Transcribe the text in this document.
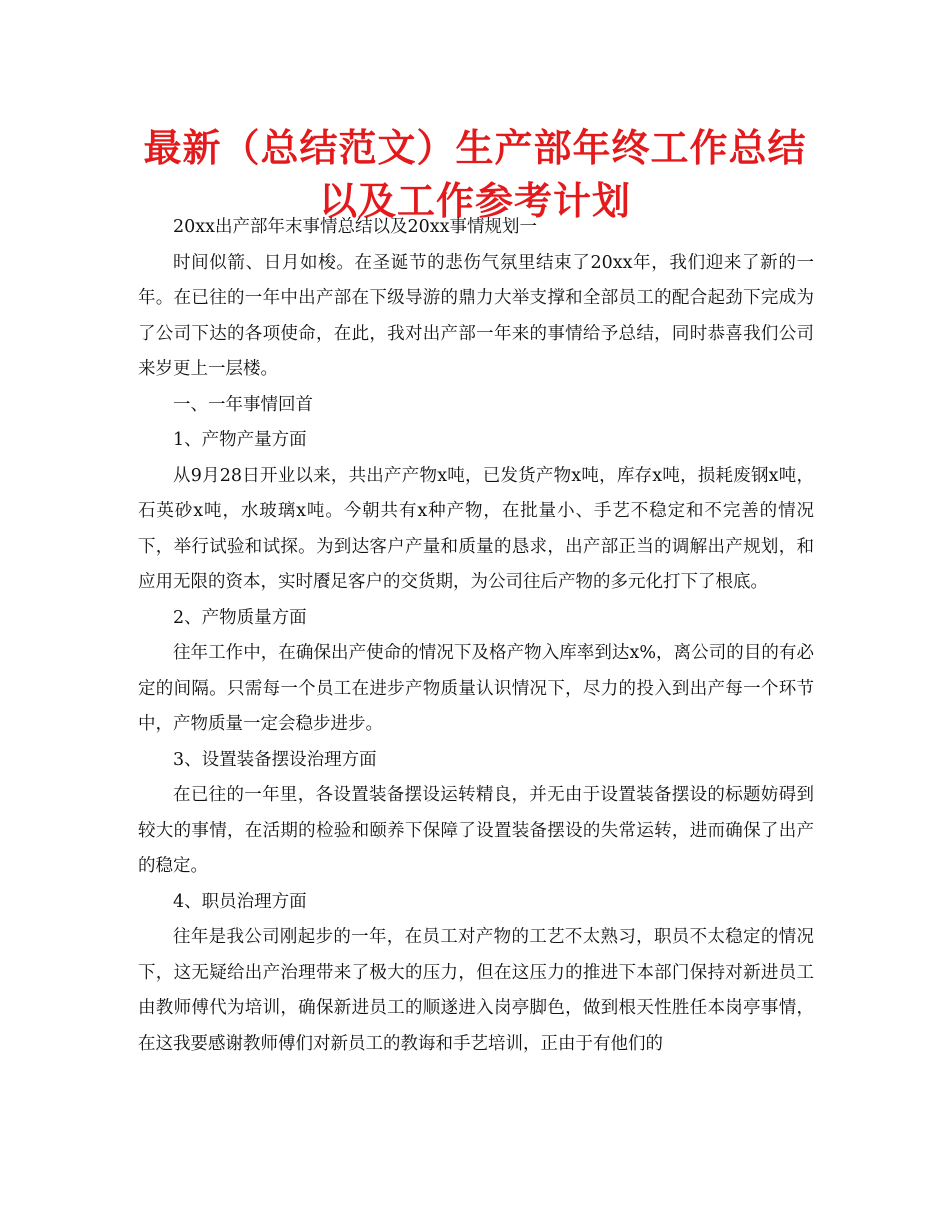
最新（总结范文）生产部年终工作总结以及工作参考计划

20xx出产部年末事情总结以及20xx事情规划一

时间似箭、日月如梭。在圣诞节的悲伤气氛里结束了20xx年，我们迎来了新的一年。在已往的一年中出产部在下级导游的鼎力大举支撑和全部员工的配合起劲下完成为了公司下达的各项使命，在此，我对出产部一年来的事情给予总结，同时恭喜我们公司来岁更上一层楼。

一、一年事情回首

1、产物产量方面

从9月28日开业以来，共出产产物x吨，已发货产物x吨，库存x吨，损耗废钢x吨，石英砂x吨，水玻璃x吨。今朝共有x种产物，在批量小、手艺不稳定和不完善的情况下，举行试验和试探。为到达客户产量和质量的恳求，出产部正当的调解出产规划，和应用无限的资本，实时餍足客户的交货期，为公司往后产物的多元化打下了根底。

2、产物质量方面

往年工作中，在确保出产使命的情况下及格产物入库率到达x%，离公司的目的有必定的间隔。只需每一个员工在进步产物质量认识情况下，尽力的投入到出产每一个环节中，产物质量一定会稳步进步。

3、设置装备摆设治理方面

在已往的一年里，各设置装备摆设运转精良，并无由于设置装备摆设的标题妨碍到较大的事情，在活期的检验和颐养下保障了设置装备摆设的失常运转，进而确保了出产的稳定。

4、职员治理方面

往年是我公司刚起步的一年，在员工对产物的工艺不太熟习，职员不太稳定的情况下，这无疑给出产治理带来了极大的压力，但在这压力的推进下本部门保持对新进员工由教师傅代为培训，确保新进员工的顺遂进入岗亭脚色，做到根天性胜任本岗亭事情，在这我要感谢教师傅们对新员工的教诲和手艺培训，正由于有他们的
